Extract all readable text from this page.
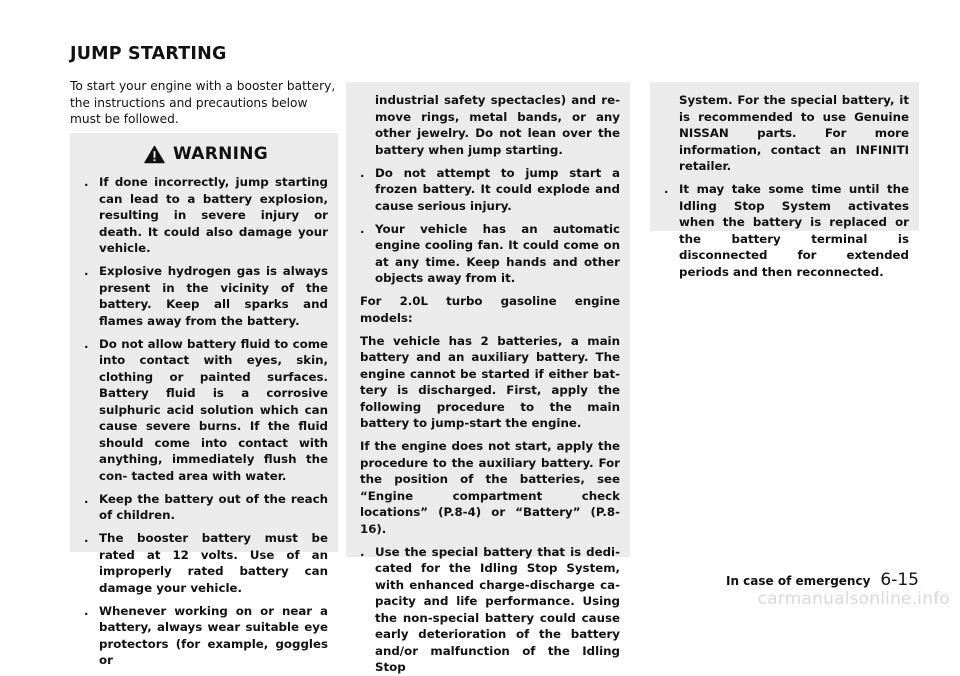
JUMP STARTING
To start your engine with a booster battery, the instructions and precautions below must be followed.
WARNING
. If done incorrectly, jump starting can lead to a battery explosion, resulting in severe injury or death. It could also damage your vehicle.
. Explosive hydrogen gas is always present in the vicinity of the battery. Keep all sparks and flames away from the battery.
. Do not allow battery fluid to come into contact with eyes, skin, clothing or painted surfaces. Battery fluid is a corrosive sulphuric acid solution which can cause severe burns. If the fluid should come into contact with anything, immediately flush the con- tacted area with water.
. Keep the battery out of the reach of children.
. The booster battery must be rated at 12 volts. Use of an improperly rated battery can damage your vehicle.
. Whenever working on or near a battery, always wear suitable eye protectors (for example, goggles or
industrial safety spectacles) and re- move rings, metal bands, or any other jewelry. Do not lean over the battery when jump starting.
. Do not attempt to jump start a frozen battery. It could explode and cause serious injury.
. Your vehicle has an automatic engine cooling fan. It could come on at any time. Keep hands and other objects away from it.
For 2.0L turbo gasoline engine models:
The vehicle has 2 batteries, a main battery and an auxiliary battery. The engine cannot be started if either bat- tery is discharged. First, apply the following procedure to the main battery to jump-start the engine.
If the engine does not start, apply the procedure to the auxiliary battery. For the position of the batteries, see “Engine compartment check locations” (P.8-4) or “Battery” (P.8-16).
. Use the special battery that is dedi- cated for the Idling Stop System, with enhanced charge-discharge ca- pacity and life performance. Using the non-special battery could cause early deterioration of the battery and/or malfunction of the Idling Stop
System. For the special battery, it is recommended to use Genuine NISSAN parts. For more information, contact an INFINITI retailer.
. It may take some time until the Idling Stop System activates when the battery is replaced or the battery terminal is disconnected for extended periods and then reconnected.
In case of emergency 6-15
carmanualsonline.info
